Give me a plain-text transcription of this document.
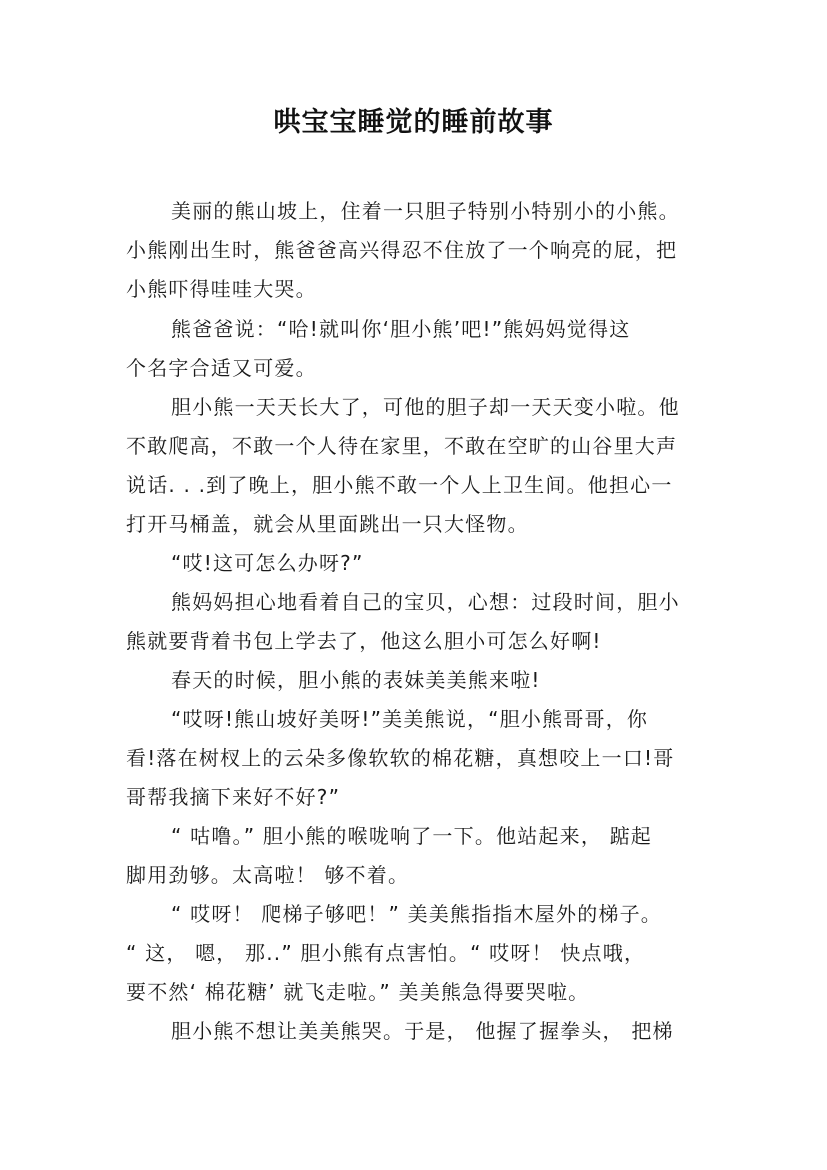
哄宝宝睡觉的睡前故事
美丽的熊山坡上，住着一只胆子特别小特别小的小熊。
小熊刚出生时，熊爸爸高兴得忍不住放了一个响亮的屁，把
小熊吓得哇哇大哭。
熊爸爸说：“哈!就叫你‘胆小熊’吧!”熊妈妈觉得这
个名字合适又可爱。
胆小熊一天天长大了，可他的胆子却一天天变小啦。他
不敢爬高，不敢一个人待在家里，不敢在空旷的山谷里大声
说话. . .到了晚上，胆小熊不敢一个人上卫生间。他担心一
打开马桶盖，就会从里面跳出一只大怪物。
“哎!这可怎么办呀?”
熊妈妈担心地看着自己的宝贝，心想：过段时间，胆小
熊就要背着书包上学去了，他这么胆小可怎么好啊!
春天的时候，胆小熊的表妹美美熊来啦!
“哎呀!熊山坡好美呀!”美美熊说，“胆小熊哥哥，你
看!落在树杈上的云朵多像软软的棉花糖，真想咬上一口!哥
哥帮我摘下来好不好?”
“ 咕噜。” 胆小熊的喉咙响了一下。他站起来， 踮起
脚用劲够。太高啦！ 够不着。
“ 哎呀！ 爬梯子够吧！” 美美熊指指木屋外的梯子。
“ 这， 嗯， 那..” 胆小熊有点害怕。“ 哎呀！ 快点哦，
要不然‘ 棉花糖’ 就飞走啦。” 美美熊急得要哭啦。
胆小熊不想让美美熊哭。于是， 他握了握拳头， 把梯
